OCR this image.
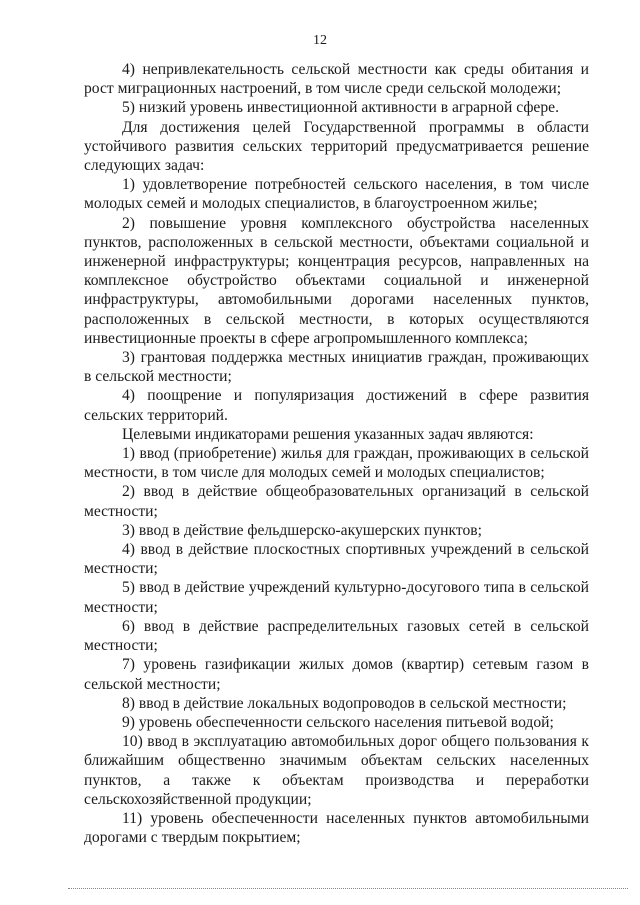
12

4) непривлекательность сельской местности как среды обитания и рост миграционных настроений, в том числе среди сельской молодежи;

5) низкий уровень инвестиционной активности в аграрной сфере.

Для достижения целей Государственной программы в области устойчивого развития сельских территорий предусматривается решение следующих задач:

1) удовлетворение потребностей сельского населения, в том числе молодых семей и молодых специалистов, в благоустроенном жилье;

2) повышение уровня комплексного обустройства населенных пунктов, расположенных в сельской местности, объектами социальной и инженерной инфраструктуры; концентрация ресурсов, направленных на комплексное обустройство объектами социальной и инженерной инфраструктуры, автомобильными дорогами населенных пунктов, расположенных в сельской местности, в которых осуществляются инвестиционные проекты в сфере агропромышленного комплекса;

3) грантовая поддержка местных инициатив граждан, проживающих в сельской местности;

4) поощрение и популяризация достижений в сфере развития сельских территорий.

Целевыми индикаторами решения указанных задач являются:

1) ввод (приобретение) жилья для граждан, проживающих в сельской местности, в том числе для молодых семей и молодых специалистов;

2) ввод в действие общеобразовательных организаций в сельской местности;

3) ввод в действие фельдшерско-акушерских пунктов;

4) ввод в действие плоскостных спортивных учреждений в сельской местности;

5) ввод в действие учреждений культурно-досугового типа в сельской местности;

6) ввод в действие распределительных газовых сетей в сельской местности;

7) уровень газификации жилых домов (квартир) сетевым газом в сельской местности;

8) ввод в действие локальных водопроводов в сельской местности;

9) уровень обеспеченности сельского населения питьевой водой;

10) ввод в эксплуатацию автомобильных дорог общего пользования к ближайшим общественно значимым объектам сельских населенных пунктов, а также к объектам производства и переработки сельскохозяйственной продукции;

11) уровень обеспеченности населенных пунктов автомобильными дорогами с твердым покрытием;
